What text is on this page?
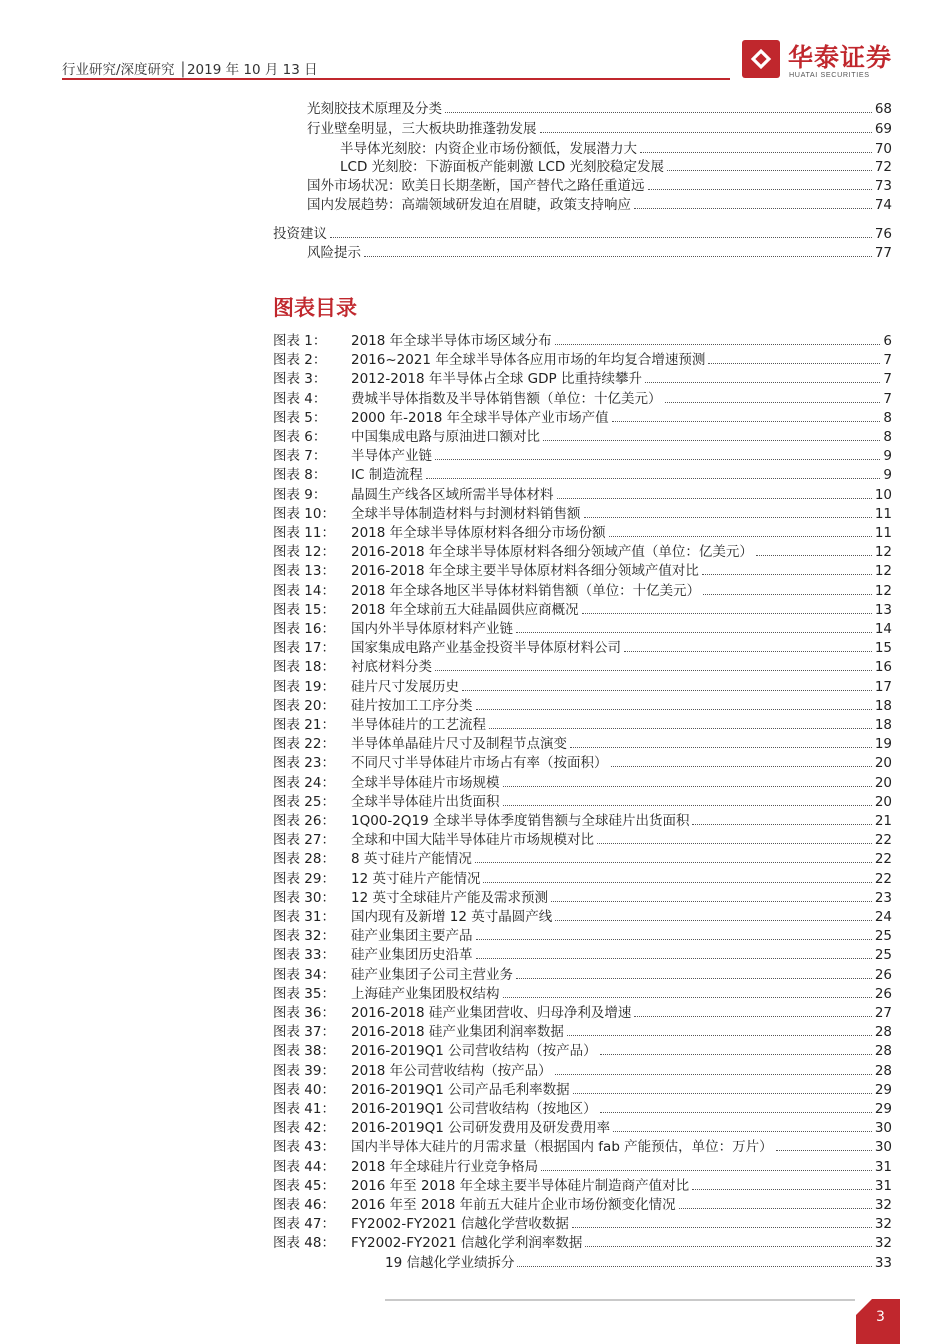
行业研究/深度研究 │2019 年 10 月 13 日	华泰证券
HUATAI SECURITIES
光刻胶技术原理及分类	68
行业壁垒明显，三大板块助推蓬勃发展	69
半导体光刻胶：内资企业市场份额低，发展潜力大	70
LCD 光刻胶：下游面板产能刺激 LCD 光刻胶稳定发展	72
国外市场状况：欧美日长期垄断，国产替代之路任重道远	73
国内发展趋势：高端领域研发迫在眉睫，政策支持响应	74
投资建议	76
风险提示	77
图表目录
图表 1：	2018 年全球半导体市场区域分布	6
图表 2：	2016~2021 年全球半导体各应用市场的年均复合增速预测	7
图表 3：	2012-2018 年半导体占全球 GDP 比重持续攀升	7
图表 4：	费城半导体指数及半导体销售额（单位：十亿美元）	7
图表 5：	2000 年-2018 年全球半导体产业市场产值	8
图表 6：	中国集成电路与原油进口额对比	8
图表 7：	半导体产业链	9
图表 8：	IC 制造流程	9
图表 9：	晶圆生产线各区域所需半导体材料	10
图表 10：	全球半导体制造材料与封测材料销售额	11
图表 11：	2018 年全球半导体原材料各细分市场份额	11
图表 12：	2016-2018 年全球半导体原材料各细分领域产值（单位：亿美元）	12
图表 13：	2016-2018 年全球主要半导体原材料各细分领域产值对比	12
图表 14：	2018 年全球各地区半导体材料销售额（单位：十亿美元）	12
图表 15：	2018 年全球前五大硅晶圆供应商概况	13
图表 16：	国内外半导体原材料产业链	14
图表 17：	国家集成电路产业基金投资半导体原材料公司	15
图表 18：	衬底材料分类	16
图表 19：	硅片尺寸发展历史	17
图表 20：	硅片按加工工序分类	18
图表 21：	半导体硅片的工艺流程	18
图表 22：	半导体单晶硅片尺寸及制程节点演变	19
图表 23：	不同尺寸半导体硅片市场占有率（按面积）	20
图表 24：	全球半导体硅片市场规模	20
图表 25：	全球半导体硅片出货面积	20
图表 26：	1Q00-2Q19 全球半导体季度销售额与全球硅片出货面积	21
图表 27：	全球和中国大陆半导体硅片市场规模对比	22
图表 28：	8 英寸硅片产能情况	22
图表 29：	12 英寸硅片产能情况	22
图表 30：	12 英寸全球硅片产能及需求预测	23
图表 31：	国内现有及新增 12 英寸晶圆产线	24
图表 32：	硅产业集团主要产品	25
图表 33：	硅产业集团历史沿革	25
图表 34：	硅产业集团子公司主营业务	26
图表 35：	上海硅产业集团股权结构	26
图表 36：	2016-2018 硅产业集团营收、归母净利及增速	27
图表 37：	2016-2018 硅产业集团利润率数据	28
图表 38：	2016-2019Q1 公司营收结构（按产品）	28
图表 39：	2018 年公司营收结构（按产品）	28
图表 40：	2016-2019Q1 公司产品毛利率数据	29
图表 41：	2016-2019Q1 公司营收结构（按地区）	29
图表 42：	2016-2019Q1 公司研发费用及研发费用率	30
图表 43：	国内半导体大硅片的月需求量（根据国内 fab 产能预估，单位：万片）	30
图表 44：	2018 年全球硅片行业竞争格局	31
图表 45：	2016 年至 2018 年全球主要半导体硅片制造商产值对比	31
图表 46：	2016 年至 2018 年前五大硅片企业市场份额变化情况	32
图表 47：	FY2002-FY2021 信越化学营收数据	32
图表 48：	FY2002-FY2021 信越化学利润率数据	32
19 信越化学业绩拆分	33
3
